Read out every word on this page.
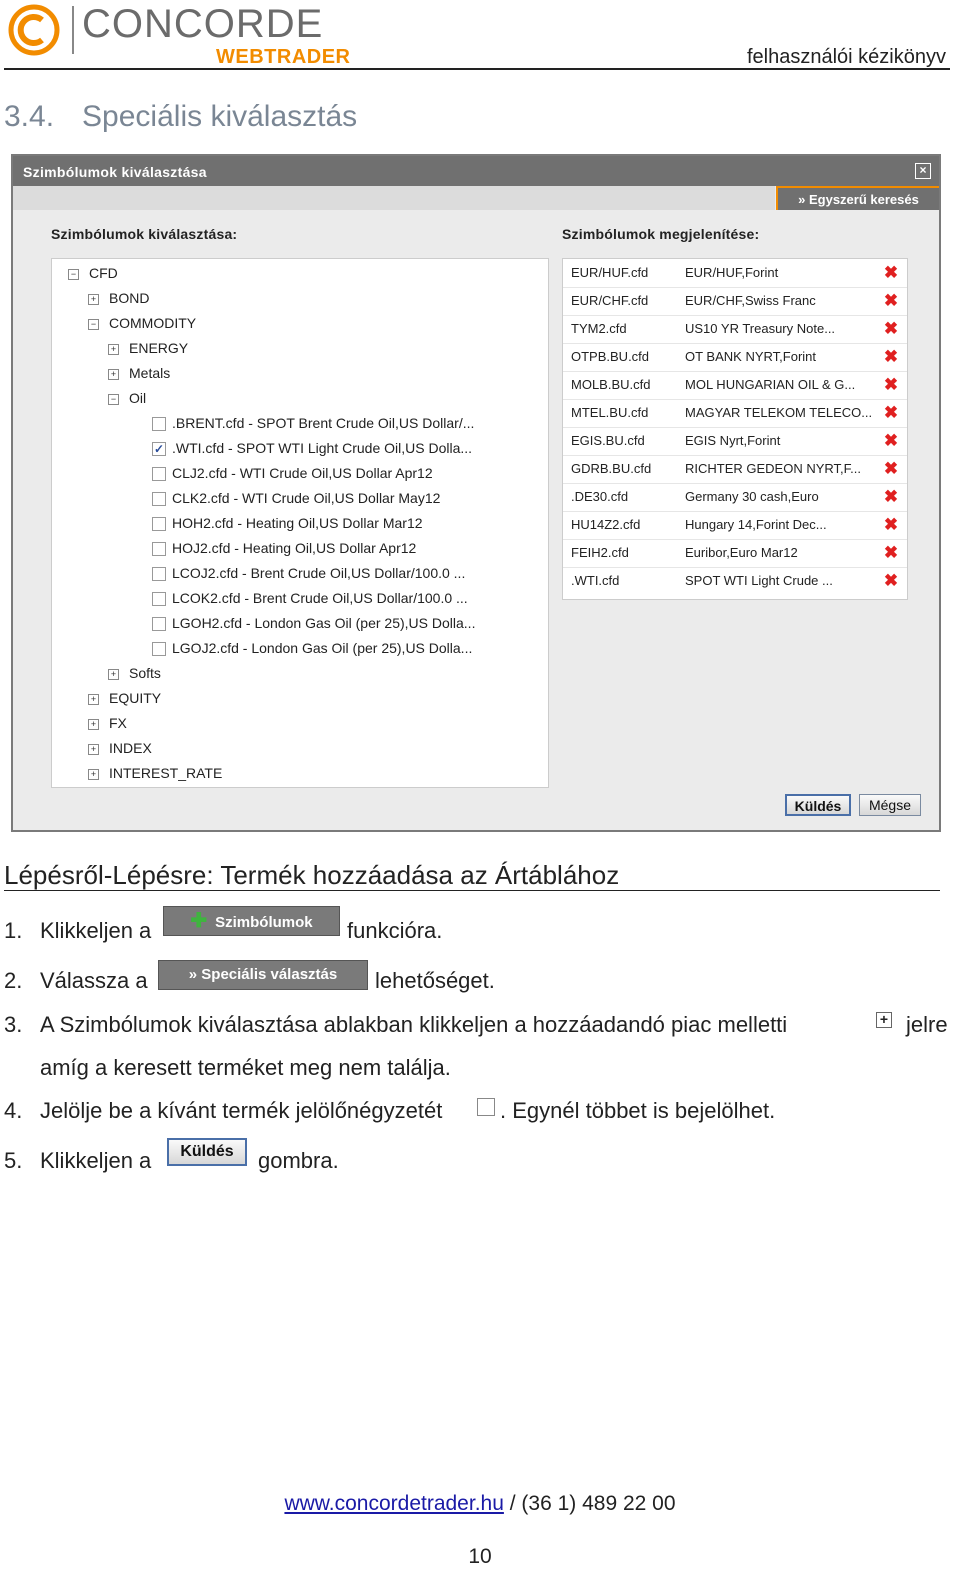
CONCORDE
WEBTRADER	felhasználói kézikönyv
3.4. Speciális kiválasztás
Szimbólumok kiválasztása	×
» Egyszerű keresés
Szimbólumok kiválasztása:	Szimbólumok megjelenítése:
− CFD
+ BOND
− COMMODITY
+ ENERGY
+ Metals
− Oil
.BRENT.cfd - SPOT Brent Crude Oil,US Dollar/...
✓ .WTI.cfd - SPOT WTI Light Crude Oil,US Dolla...
CLJ2.cfd - WTI Crude Oil,US Dollar Apr12
CLK2.cfd - WTI Crude Oil,US Dollar May12
HOH2.cfd - Heating Oil,US Dollar Mar12
HOJ2.cfd - Heating Oil,US Dollar Apr12
LCOJ2.cfd - Brent Crude Oil,US Dollar/100.0 ...
LCOK2.cfd - Brent Crude Oil,US Dollar/100.0 ...
LGOH2.cfd - London Gas Oil (per 25),US Dolla...
LGOJ2.cfd - London Gas Oil (per 25),US Dolla...
+ Softs
+ EQUITY
+ FX
+ INDEX
+ INTEREST_RATE
EUR/HUF.cfd	EUR/HUF,Forint	✖
EUR/CHF.cfd	EUR/CHF,Swiss Franc	✖
TYM2.cfd	US10 YR Treasury Note...	✖
OTPB.BU.cfd	OT BANK NYRT,Forint	✖
MOLB.BU.cfd	MOL HUNGARIAN OIL & G... ✖
MTEL.BU.cfd	MAGYAR TELEKOM TELECO... ✖
EGIS.BU.cfd	EGIS Nyrt,Forint	✖
GDRB.BU.cfd	RICHTER GEDEON NYRT,F... ✖
.DE30.cfd	Germany 30 cash,Euro	✖
HU14Z2.cfd	Hungary 14,Forint Dec...	✖
FEIH2.cfd	Euribor,Euro Mar12	✖
.WTI.cfd	SPOT WTI Light Crude ...	✖
Küldés	Mégse
Lépésről-Lépésre: Termék hozzáadása az Ártáblához
1. Klikkeljen a	✚ Szimbólumok	funkcióra.
2. Válassza a	» Speciális választás	lehetőséget.
3. A Szimbólumok kiválasztása ablakban klikkeljen a hozzáadandó piac melletti	+ jelre
amíg a keresett terméket meg nem találja.
4. Jelölje be a kívánt termék jelölőnégyzetét	. Egynél többet is bejelölhet.
5. Klikkeljen a	Küldés	gombra.
www.concordetrader.hu / (36 1) 489 22 00
10
